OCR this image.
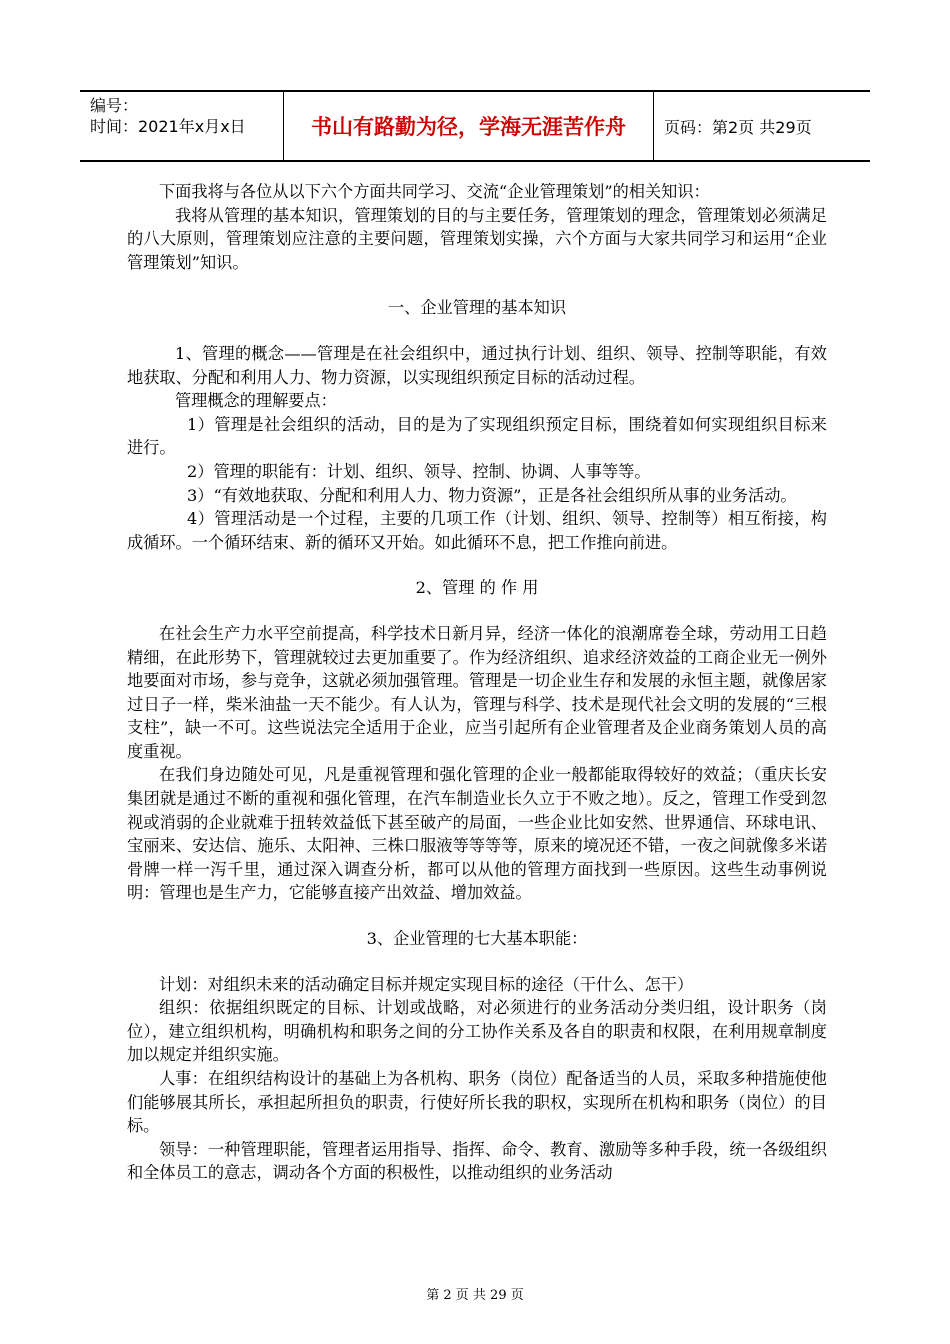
编号：
时间：2021年x月x日	书山有路勤为径，学海无涯苦作舟	页码：第2页 共29页

下面我将与各位从以下六个方面共同学习、交流“企业管理策划”的相关知识：

我将从管理的基本知识，管理策划的目的与主要任务，管理策划的理念，管理策划必须满足的八大原则，管理策划应注意的主要问题，管理策划实操，六个方面与大家共同学习和运用“企业管理策划”知识。

一、企业管理的基本知识

1、管理的概念——管理是在社会组织中，通过执行计划、组织、领导、控制等职能，有效地获取、分配和利用人力、物力资源，以实现组织预定目标的活动过程。

管理概念的理解要点：

1）管理是社会组织的活动，目的是为了实现组织预定目标，围绕着如何实现组织目标来进行。

2）管理的职能有：计划、组织、领导、控制、协调、人事等等。

3）“有效地获取、分配和利用人力、物力资源”，正是各社会组织所从事的业务活动。

4）管理活动是一个过程，主要的几项工作（计划、组织、领导、控制等）相互衔接，构成循环。一个循环结束、新的循环又开始。如此循环不息，把工作推向前进。

2、管理 的 作 用

在社会生产力水平空前提高，科学技术日新月异，经济一体化的浪潮席卷全球，劳动用工日趋精细，在此形势下，管理就较过去更加重要了。作为经济组织、追求经济效益的工商企业无一例外地要面对市场，参与竞争，这就必须加强管理。管理是一切企业生存和发展的永恒主题，就像居家过日子一样，柴米油盐一天不能少。有人认为，管理与科学、技术是现代社会文明的发展的“三根支柱”，缺一不可。这些说法完全适用于企业，应当引起所有企业管理者及企业商务策划人员的高度重视。

在我们身边随处可见，凡是重视管理和强化管理的企业一般都能取得较好的效益；（重庆长安集团就是通过不断的重视和强化管理，在汽车制造业长久立于不败之地）。反之，管理工作受到忽视或消弱的企业就难于扭转效益低下甚至破产的局面，一些企业比如安然、世界通信、环球电讯、宝丽来、安达信、施乐、太阳神、三株口服液等等等等，原来的境况还不错，一夜之间就像多米诺骨牌一样一泻千里，通过深入调查分析，都可以从他的管理方面找到一些原因。这些生动事例说明：管理也是生产力，它能够直接产出效益、增加效益。

3、企业管理的七大基本职能：

计划：对组织未来的活动确定目标并规定实现目标的途径（干什么、怎干）

组织：依据组织既定的目标、计划或战略，对必须进行的业务活动分类归组，设计职务（岗位），建立组织机构，明确机构和职务之间的分工协作关系及各自的职责和权限，在利用规章制度加以规定并组织实施。

人事：在组织结构设计的基础上为各机构、职务（岗位）配备适当的人员，采取多种措施使他们能够展其所长，承担起所担负的职责，行使好所长我的职权，实现所在机构和职务（岗位）的目标。

领导：一种管理职能，管理者运用指导、指挥、命令、教育、激励等多种手段，统一各级组织和全体员工的意志，调动各个方面的积极性，以推动组织的业务活动

第 2 页 共 29 页
